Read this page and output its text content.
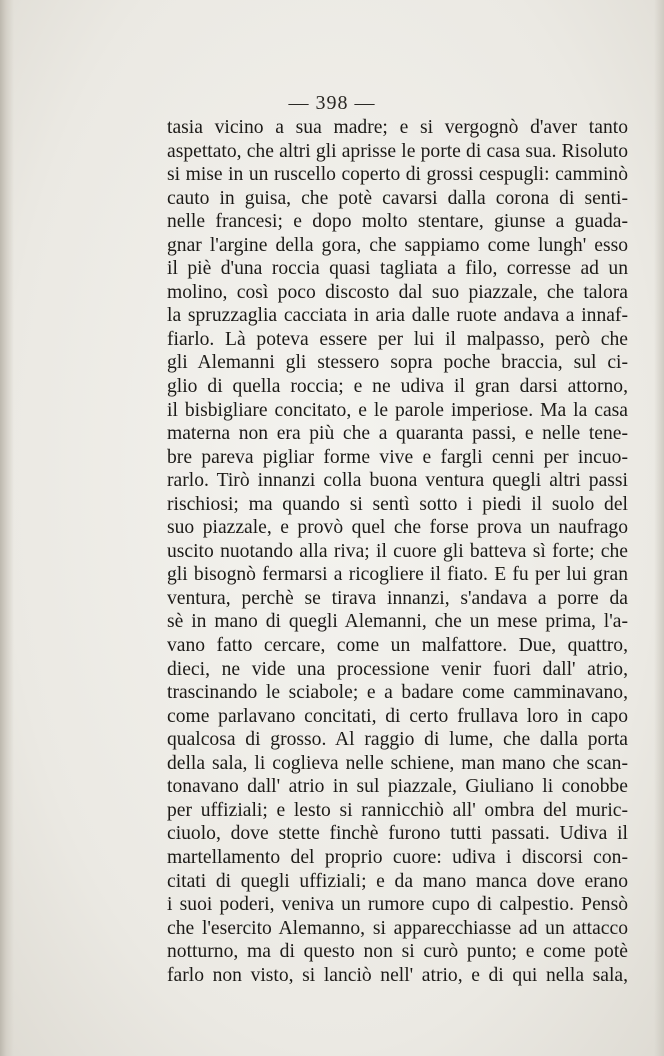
— 398 —
tasia vicino a sua madre; e si vergognò d'aver tanto
aspettato, che altri gli aprisse le porte di casa sua. Risoluto
si mise in un ruscello coperto di grossi cespugli: camminò
cauto in guisa, che potè cavarsi dalla corona di senti-
nelle francesi; e dopo molto stentare, giunse a guada-
gnar l'argine della gora, che sappiamo come lungh' esso
il piè d'una roccia quasi tagliata a filo, corresse ad un
molino, così poco discosto dal suo piazzale, che talora
la spruzzaglia cacciata in aria dalle ruote andava a innaf-
fiarlo. Là poteva essere per lui il malpasso, però che
gli Alemanni gli stessero sopra poche braccia, sul ci-
glio di quella roccia; e ne udiva il gran darsi attorno,
il bisbigliare concitato, e le parole imperiose. Ma la casa
materna non era più che a quaranta passi, e nelle tene-
bre pareva pigliar forme vive e fargli cenni per incuo-
rarlo. Tirò innanzi colla buona ventura quegli altri passi
rischiosi; ma quando si sentì sotto i piedi il suolo del
suo piazzale, e provò quel che forse prova un naufrago
uscito nuotando alla riva; il cuore gli batteva sì forte; che
gli bisognò fermarsi a ricogliere il fiato. E fu per lui gran
ventura, perchè se tirava innanzi, s'andava a porre da
sè in mano di quegli Alemanni, che un mese prima, l'a-
vano fatto cercare, come un malfattore. Due, quattro,
dieci, ne vide una processione venir fuori dall' atrio,
trascinando le sciabole; e a badare come camminavano,
come parlavano concitati, di certo frullava loro in capo
qualcosa di grosso. Al raggio di lume, che dalla porta
della sala, li coglieva nelle schiene, man mano che scan-
tonavano dall' atrio in sul piazzale, Giuliano li conobbe
per uffiziali; e lesto si rannicchiò all' ombra del muric-
ciuolo, dove stette finchè furono tutti passati. Udiva il
martellamento del proprio cuore: udiva i discorsi con-
citati di quegli uffiziali; e da mano manca dove erano
i suoi poderi, veniva un rumore cupo di calpestio. Pensò
che l'esercito Alemanno, si apparecchiasse ad un attacco
notturno, ma di questo non si curò punto; e come potè
farlo non visto, si lanciò nell' atrio, e di qui nella sala,
